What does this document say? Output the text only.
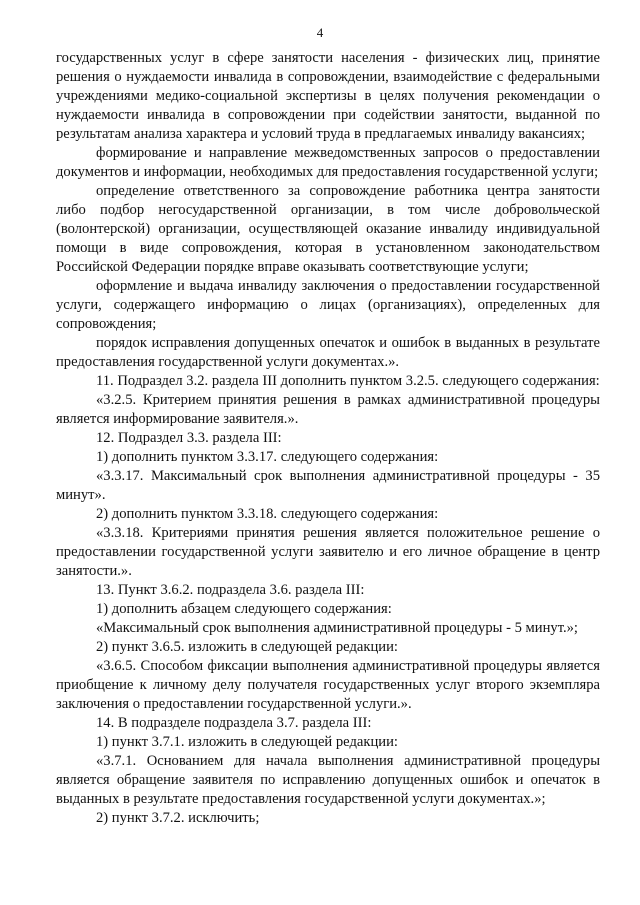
4

государственных услуг в сфере занятости населения - физических лиц, принятие решения о нуждаемости инвалида в сопровождении, взаимодействие с федеральными учреждениями медико-социальной экспертизы в целях получения рекомендации о нуждаемости инвалида в сопровождении при содействии занятости, выданной по результатам анализа характера и условий труда в предлагаемых инвалиду вакансиях;

формирование и направление межведомственных запросов о предоставлении документов и информации, необходимых для предоставления государственной услуги;

определение ответственного за сопровождение работника центра занятости либо подбор негосударственной организации, в том числе добровольческой (волонтерской) организации, осуществляющей оказание инвалиду индивидуальной помощи в виде сопровождения, которая в установленном законодательством Российской Федерации порядке вправе оказывать соответствующие услуги;

оформление и выдача инвалиду заключения о предоставлении государственной услуги, содержащего информацию о лицах (организациях), определенных для сопровождения;

порядок исправления допущенных опечаток и ошибок в выданных в результате предоставления государственной услуги документах.».

11. Подраздел 3.2. раздела III дополнить пунктом 3.2.5. следующего содержания:

«3.2.5. Критерием принятия решения в рамках административной процедуры является информирование заявителя.».

12. Подраздел 3.3. раздела III:

1) дополнить пунктом 3.3.17. следующего содержания:

«3.3.17. Максимальный срок выполнения административной процедуры - 35 минут».

2) дополнить пунктом 3.3.18. следующего содержания:

«3.3.18. Критериями принятия решения является положительное решение о предоставлении государственной услуги заявителю и его личное обращение в центр занятости.».

13. Пункт 3.6.2. подраздела 3.6. раздела III:

1) дополнить абзацем следующего содержания:

«Максимальный срок выполнения административной процедуры - 5 минут.»;

2) пункт 3.6.5. изложить в следующей редакции:

«3.6.5. Способом фиксации выполнения административной процедуры является приобщение к личному делу получателя государственных услуг второго экземпляра заключения о предоставлении государственной услуги.».

14. В подразделе подраздела 3.7. раздела III:

1) пункт 3.7.1. изложить в следующей редакции:

«3.7.1. Основанием для начала выполнения административной процедуры является обращение заявителя по исправлению допущенных ошибок и опечаток в выданных в результате предоставления государственной услуги документах.»;

2) пункт 3.7.2. исключить;
